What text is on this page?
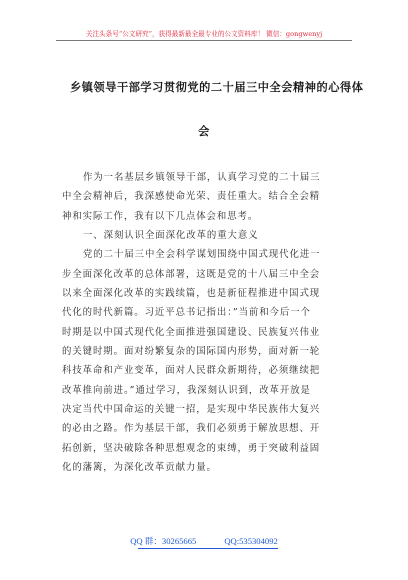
关注头条号“公文研究”，获得最新最全最专业的公文资料库！ 微信：gongwenyj
乡镇领导干部学习贯彻党的二十届三中全会精神的心得体
会

作为一名基层乡镇领导干部，认真学习党的二十届三
中全会精神后，我深感使命光荣、责任重大。结合全会精
神和实际工作，我有以下几点体会和思考。

一、深刻认识全面深化改革的重大意义

党的二十届三中全会科学谋划围绕中国式现代化进一
步全面深化改革的总体部署，这既是党的十八届三中全会
以来全面深化改革的实践续篇，也是新征程推进中国式现
代化的时代新篇。习近平总书记指出：”当前和今后一个
时期是以中国式现代化全面推进强国建设、民族复兴伟业
的关键时期。面对纷繁复杂的国际国内形势，面对新一轮
科技革命和产业变革，面对人民群众新期待，必须继续把
改革推向前进。”通过学习，我深刻认识到，改革开放是
决定当代中国命运的关键一招，是实现中华民族伟大复兴
的必由之路。作为基层干部，我们必须勇于解放思想、开
拓创新，坚决破除各种思想观念的束缚，勇于突破利益固
化的藩篱，为深化改革贡献力量。

QQ 群：30265665	QQ:535304092
